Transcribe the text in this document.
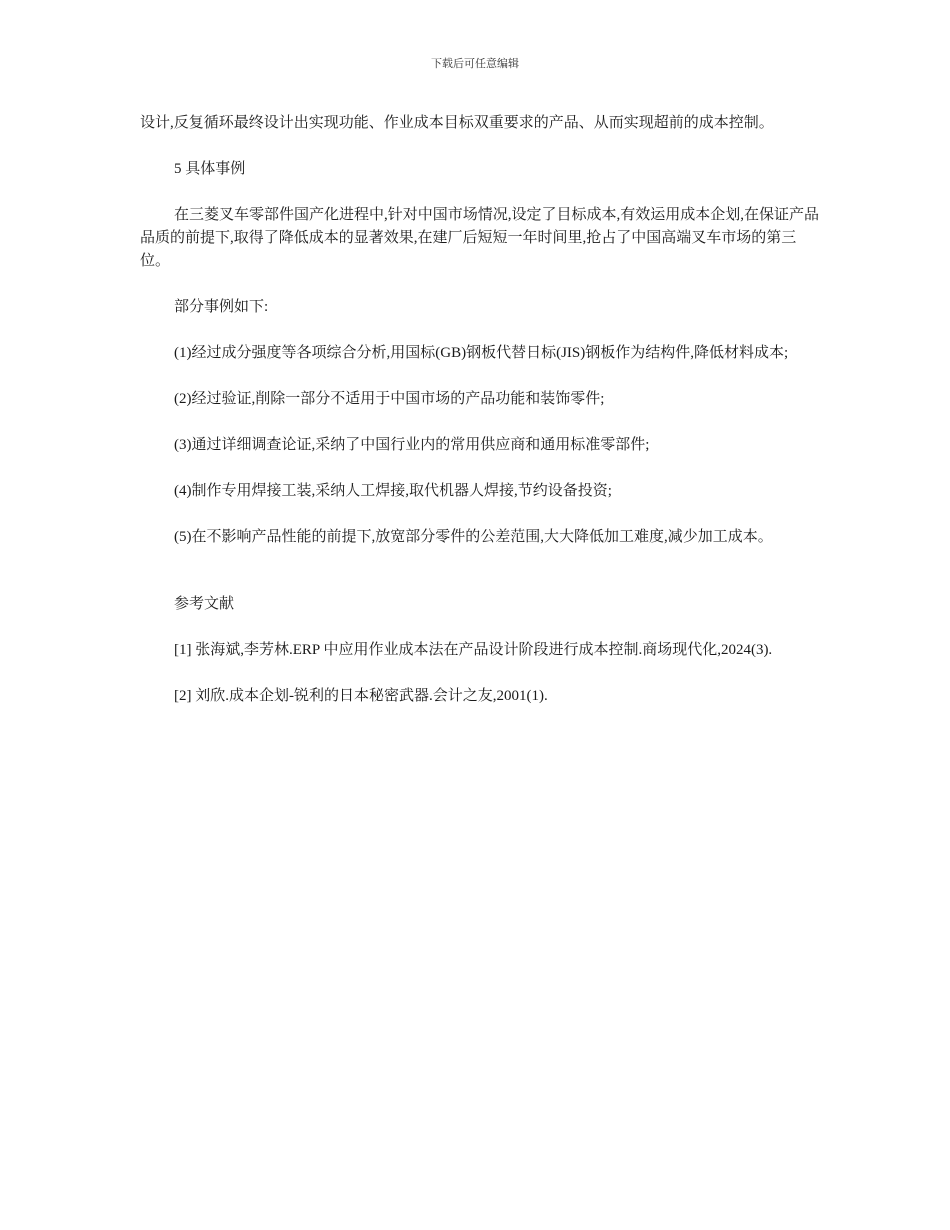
下载后可任意编辑

设计,反复循环最终设计出实现功能、作业成本目标双重要求的产品、从而实现超前的成本控制。

5 具体事例

在三菱叉车零部件国产化进程中,针对中国市场情况,设定了目标成本,有效运用成本企划,在保证产品品质的前提下,取得了降低成本的显著效果,在建厂后短短一年时间里,抢占了中国高端叉车市场的第三位。

部分事例如下:

(1)经过成分强度等各项综合分析,用国标(GB)钢板代替日标(JIS)钢板作为结构件,降低材料成本;

(2)经过验证,削除一部分不适用于中国市场的产品功能和装饰零件;

(3)通过详细调查论证,采纳了中国行业内的常用供应商和通用标准零部件;

(4)制作专用焊接工装,采纳人工焊接,取代机器人焊接,节约设备投资;

(5)在不影响产品性能的前提下,放宽部分零件的公差范围,大大降低加工难度,减少加工成本。

参考文献

[1] 张海斌,李芳林.ERP 中应用作业成本法在产品设计阶段进行成本控制.商场现代化,2024(3).

[2] 刘欣.成本企划-锐利的日本秘密武器.会计之友,2001(1).
